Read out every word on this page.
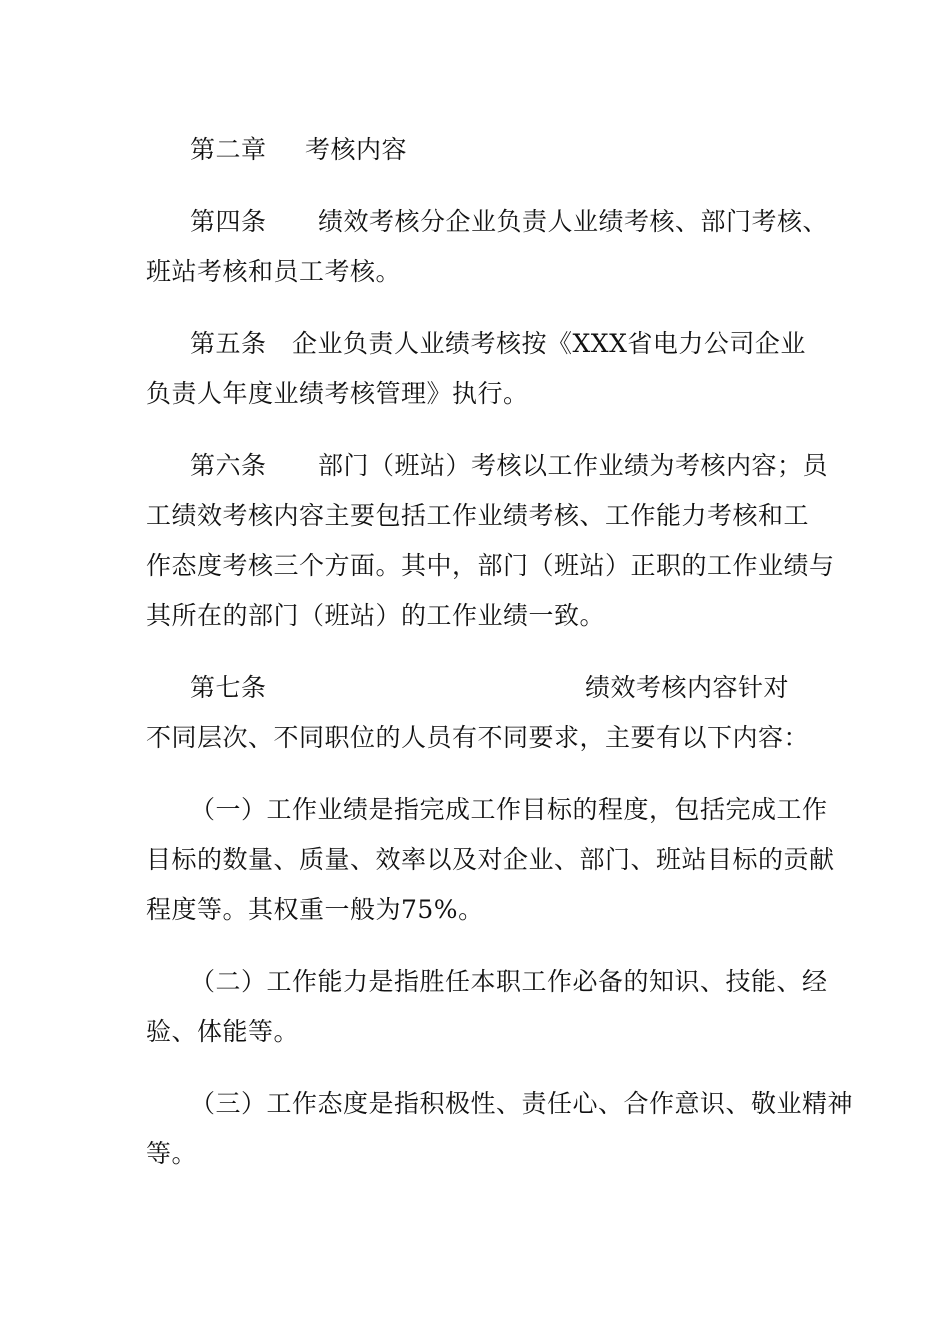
第二章 考核内容
第四条 绩效考核分企业负责人业绩考核、部门考核、
班站考核和员工考核。
第五条 企业负责人业绩考核按《XXX省电力公司企业
负责人年度业绩考核管理》执行。
第六条 部门（班站）考核以工作业绩为考核内容；员
工绩效考核内容主要包括工作业绩考核、工作能力考核和工
作态度考核三个方面。其中，部门（班站）正职的工作业绩与
其所在的部门（班站）的工作业绩一致。
第七条	绩效考核内容针对
不同层次、不同职位的人员有不同要求，主要有以下内容：
（一）工作业绩是指完成工作目标的程度，包括完成工作
目标的数量、质量、效率以及对企业、部门、班站目标的贡献
程度等。其权重一般为75%。
（二）工作能力是指胜任本职工作必备的知识、技能、经
验、体能等。
（三）工作态度是指积极性、责任心、合作意识、敬业精神
等。
